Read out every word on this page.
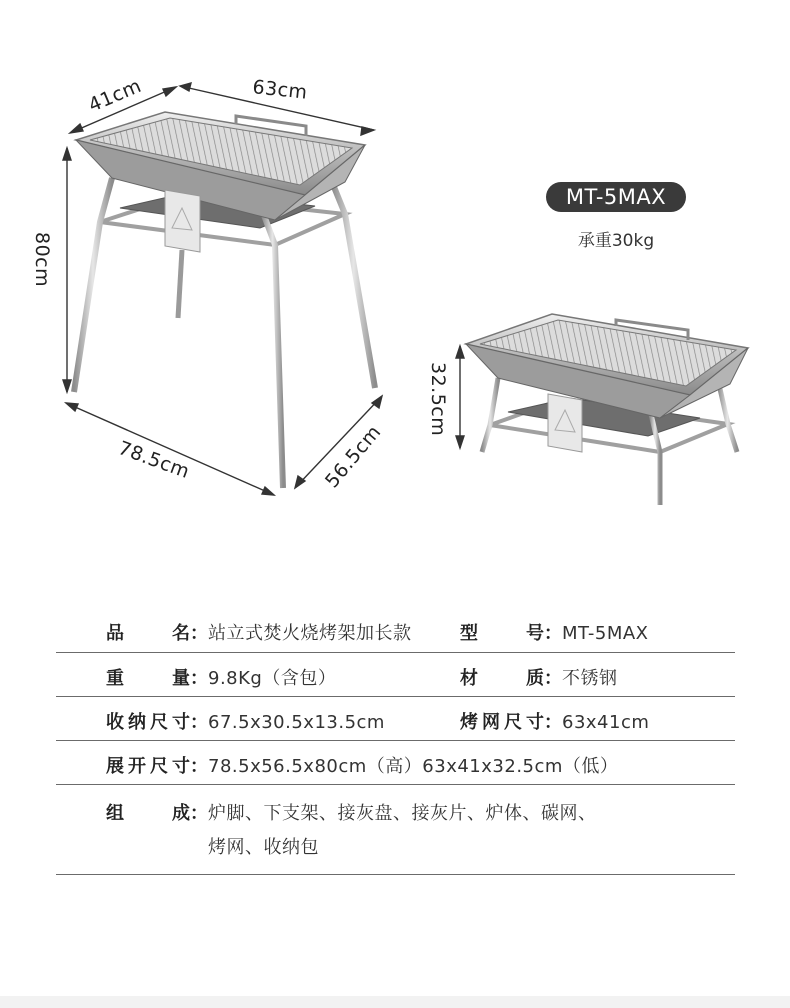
41cm	63cm
80cm
78.5cm	56.5cm
32.5cm
MT-5MAX
承重30kg
品名：站立式焚火烧烤架加长款	型号：MT-5MAX
重量：9.8Kg（含包）	材质：不锈钢
收纳尺寸：67.5x30.5x13.5cm	烤网尺寸：63x41cm
展开尺寸：78.5x56.5x80cm（高）63x41x32.5cm（低）
组成：炉脚、下支架、接灰盘、接灰片、炉体、碳网、
烤网、收纳包
